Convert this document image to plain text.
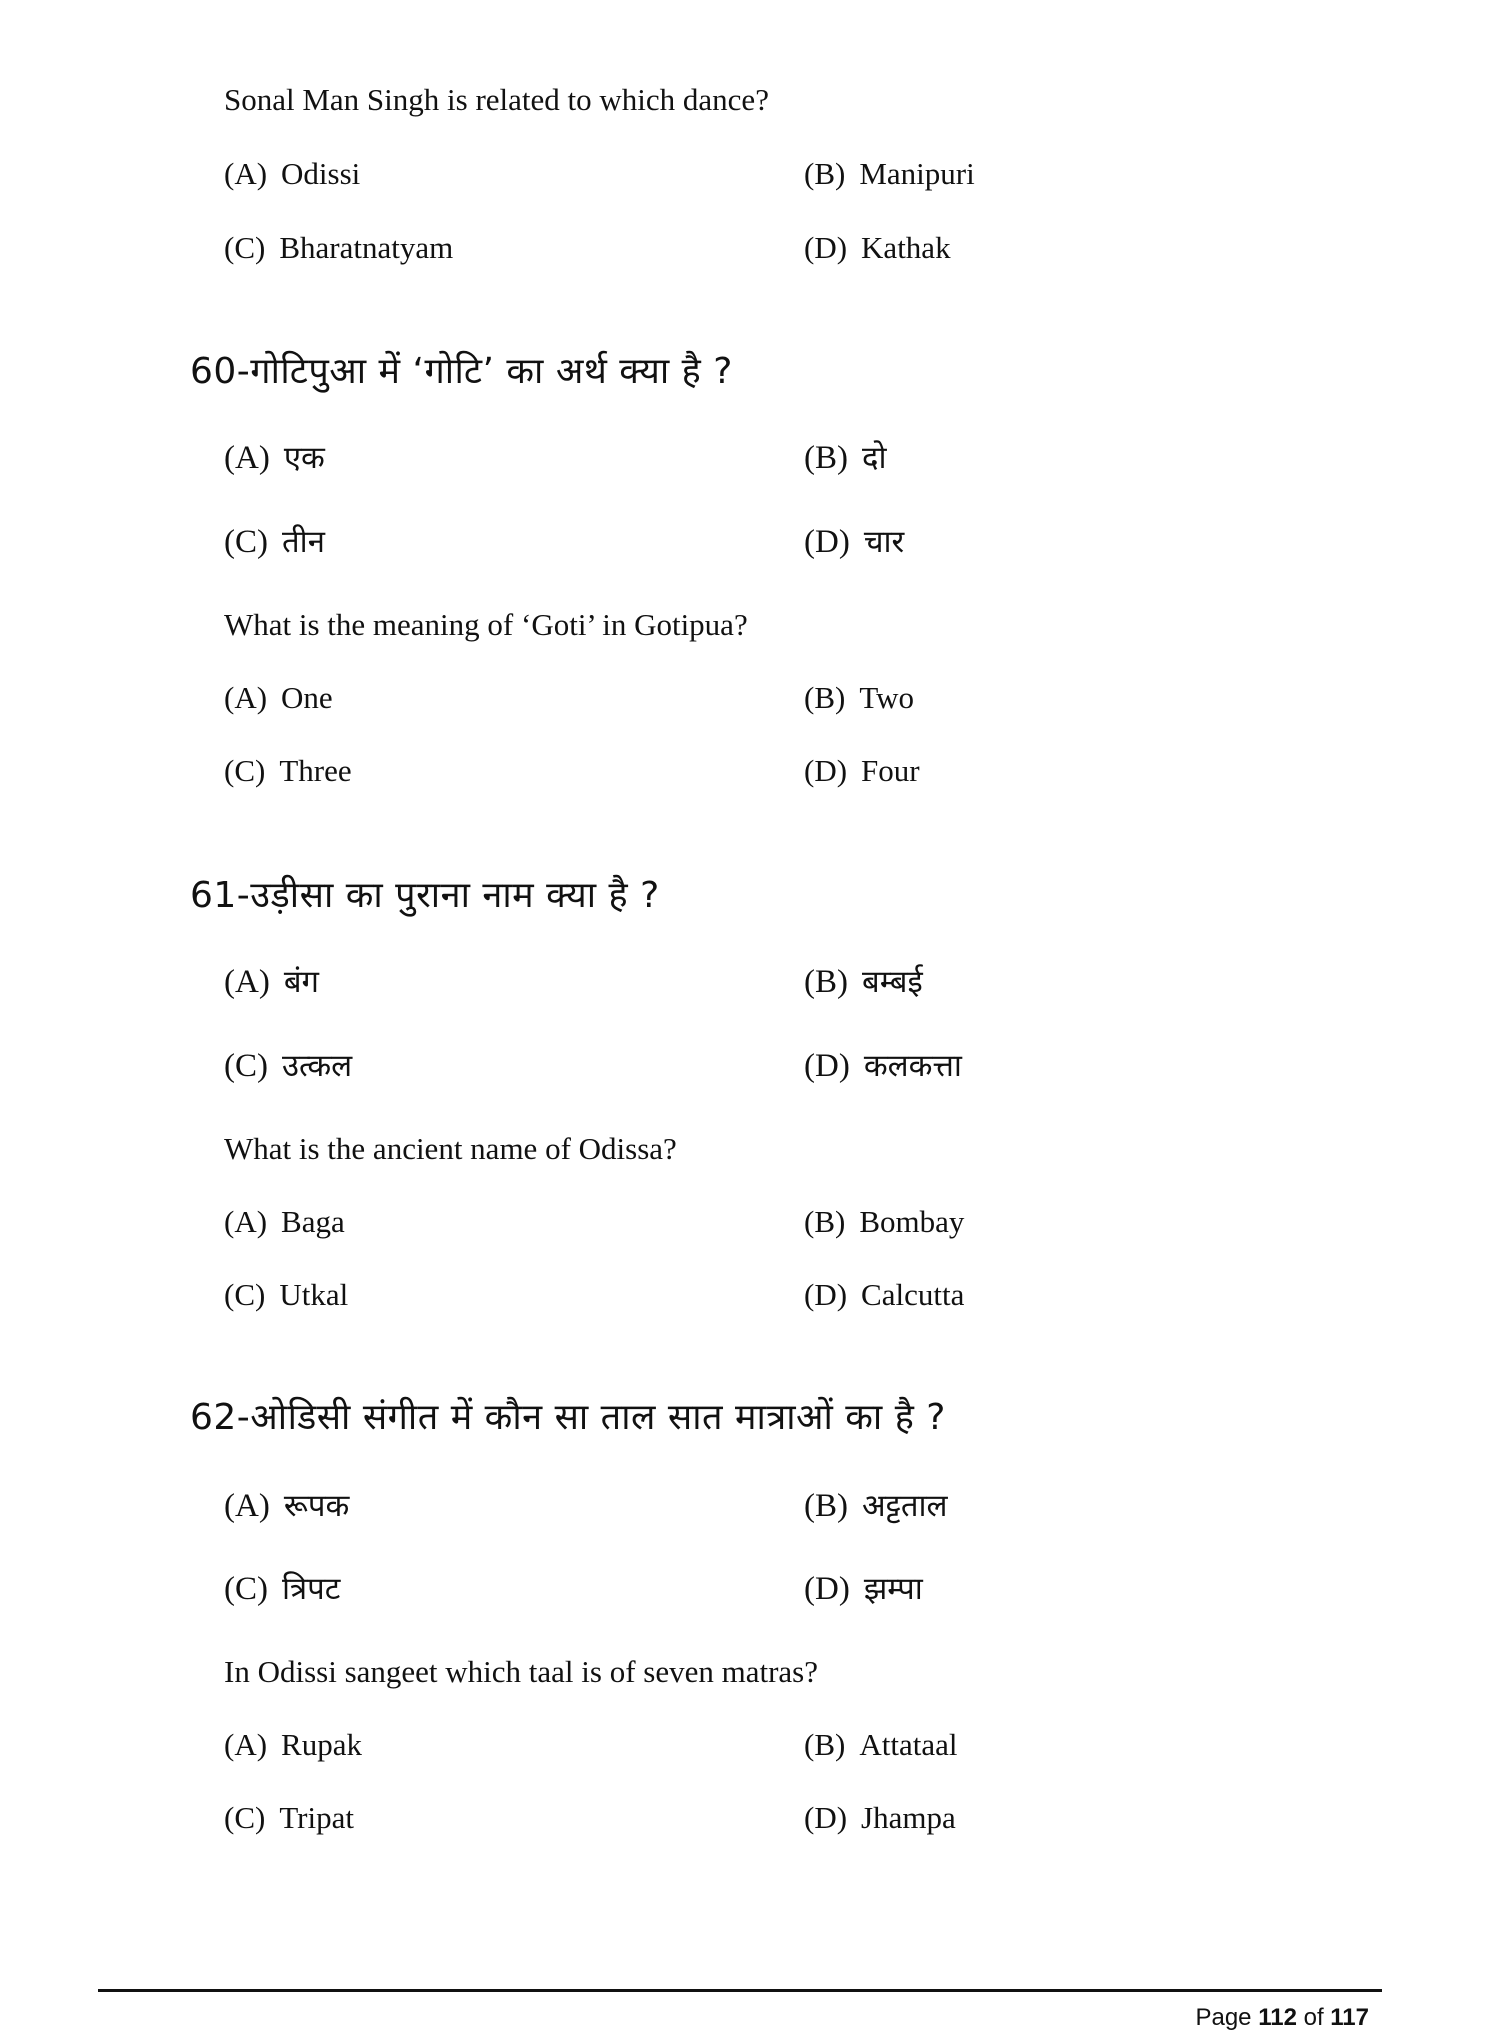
Sonal Man Singh is related to which dance?
(A) Odissi	(B) Manipuri
(C) Bharatnatyam	(D) Kathak
60-गोटिपुआ में ‘गोटि’ का अर्थ क्या है ?
(A) एक	(B) दो
(C) तीन	(D) चार
What is the meaning of ‘Goti’ in Gotipua?
(A) One	(B) Two
(C) Three	(D) Four
61-उड़ीसा का पुराना नाम क्या है ?
(A) बंग	(B) बम्बई
(C) उत्कल	(D) कलकत्ता
What is the ancient name of Odissa?
(A) Baga	(B) Bombay
(C) Utkal	(D) Calcutta
62-ओडिसी संगीत में कौन सा ताल सात मात्राओं का है ?
(A) रूपक	(B) अट्टताल
(C) त्रिपट	(D) झम्पा
In Odissi sangeet which taal is of seven matras?
(A) Rupak	(B) Attataal
(C) Tripat	(D) Jhampa
Page 112 of 117
